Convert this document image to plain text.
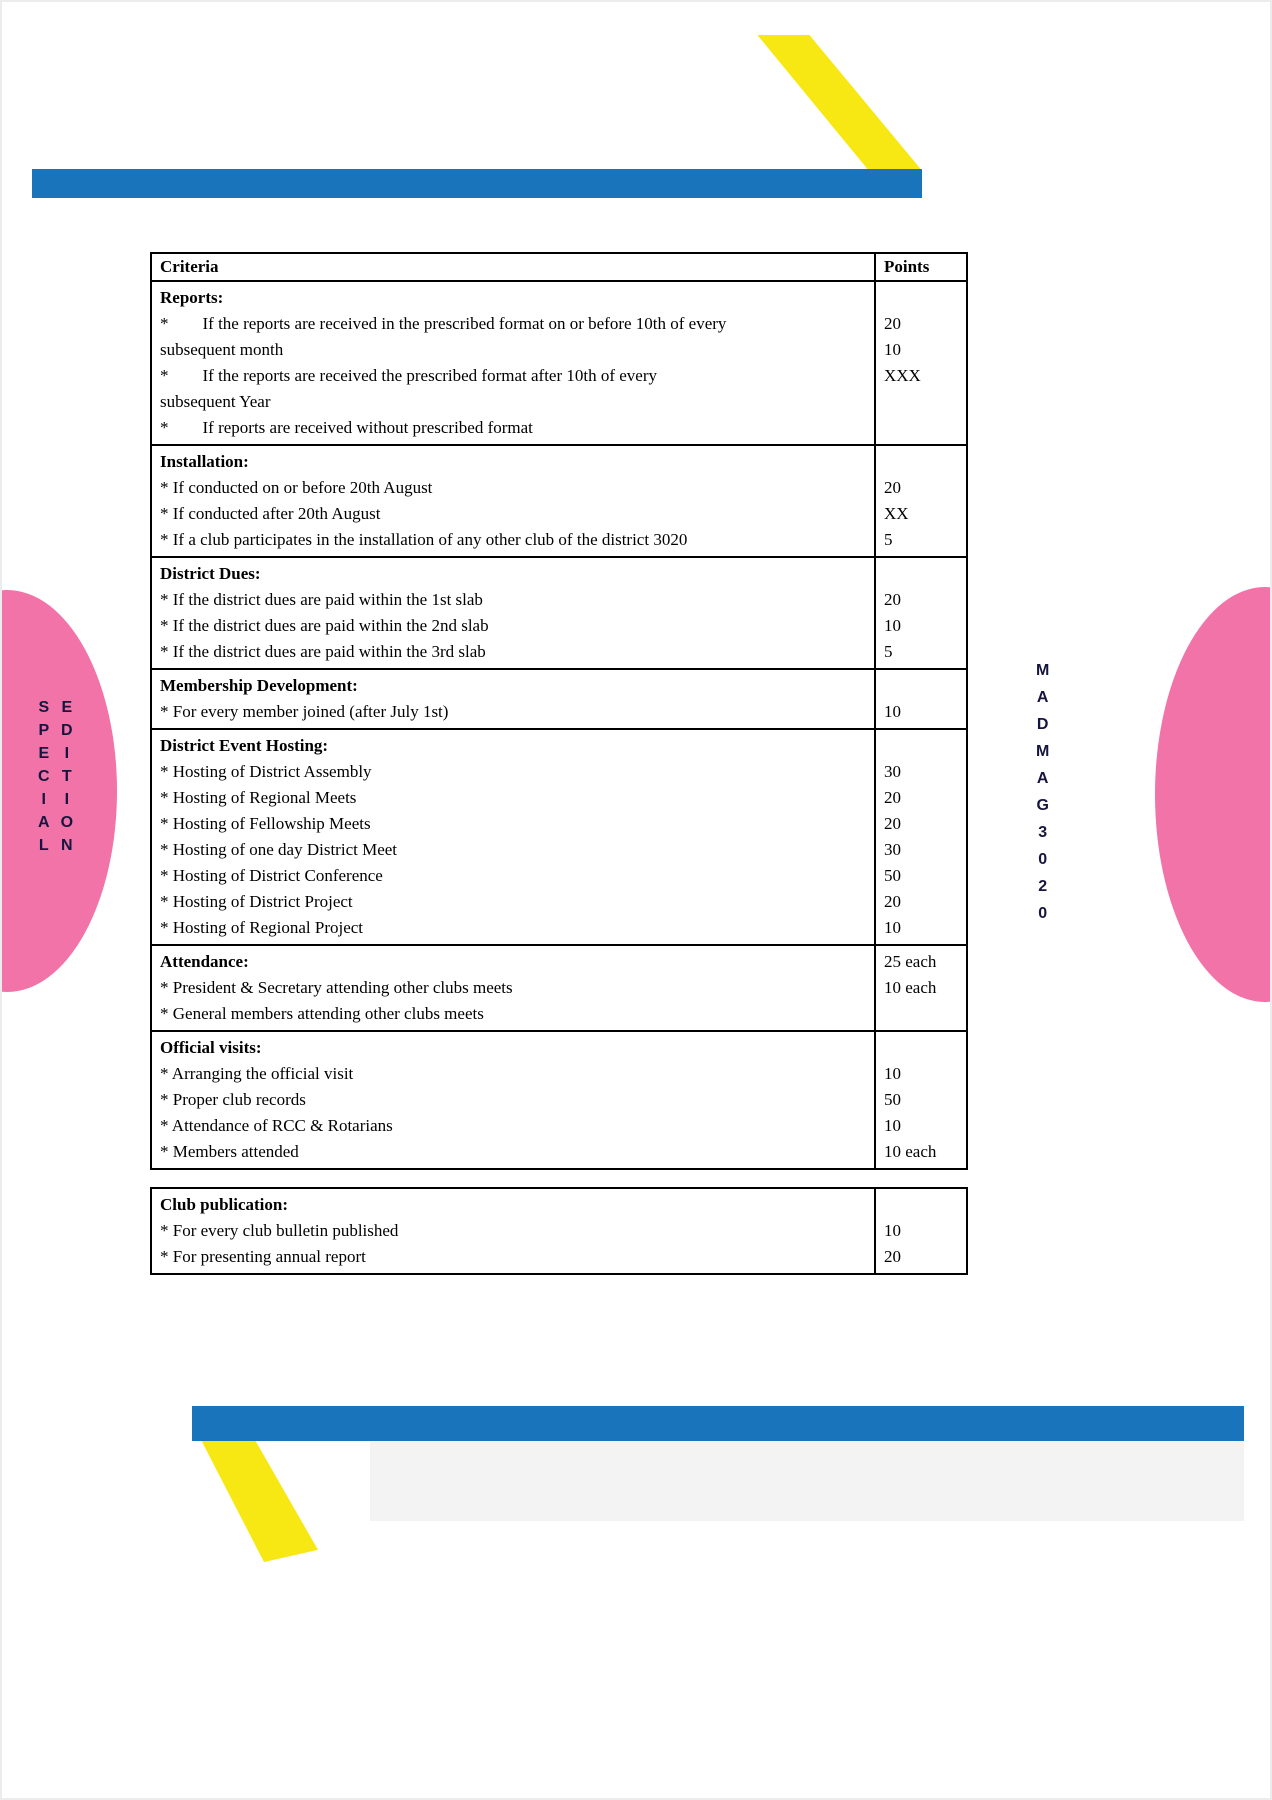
S
P
E
C
I
A
L
E
D
I
T
I
O
N
M
A
D
M
A
G
3
0
2
0
Criteria	Points
Reports:
*        If the reports are received in the prescribed format on or before 10th of every
subsequent month
*        If the reports are received the prescribed format after 10th of every
subsequent Year
*        If reports are received without prescribed format

20
10
XXX
Installation:
* If conducted on or before 20th August
* If conducted after 20th August
* If a club participates in the installation of any other club of the district 3020

20
XX
5
District Dues:
* If the district dues are paid within the 1st slab
* If the district dues are paid within the 2nd slab
* If the district dues are paid within the 3rd slab

20
10
5
Membership Development:
* For every member joined (after July 1st)
	10
District Event Hosting:
* Hosting of District Assembly
* Hosting of Regional Meets
* Hosting of Fellowship Meets
* Hosting of one day District Meet
* Hosting of District Conference
* Hosting of District Project
* Hosting of Regional Project

30
20
20
30
50
20
10
Attendance:
* President & Secretary attending other clubs meets
* General members attending other clubs meets
25 each
10 each
Official visits:
* Arranging the official visit
* Proper club records
* Attendance of RCC & Rotarians
* Members attended

10
50
10
10 each
Club publication:
* For every club bulletin published
* For presenting annual report

10
20
